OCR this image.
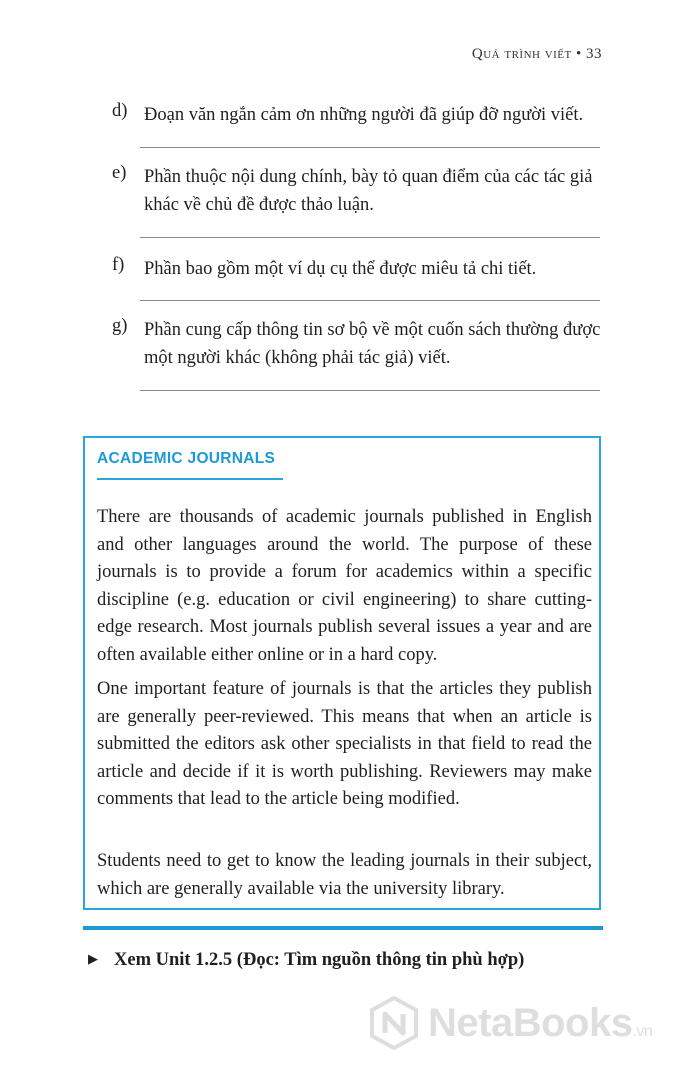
Quá trình viết • 33
d) Đoạn văn ngắn cảm ơn những người đã giúp đỡ người viết.
e) Phần thuộc nội dung chính, bày tỏ quan điểm của các tác giả khác về chủ đề được thảo luận.
f) Phần bao gồm một ví dụ cụ thể được miêu tả chi tiết.
g) Phần cung cấp thông tin sơ bộ về một cuốn sách thường được một người khác (không phải tác giả) viết.
ACADEMIC JOURNALS
There are thousands of academic journals published in English and other languages around the world. The purpose of these journals is to provide a forum for academics within a specific discipline (e.g. education or civil engineering) to share cutting-edge research. Most journals publish several issues a year and are often available either online or in a hard copy.
One important feature of journals is that the articles they publish are generally peer-reviewed. This means that when an article is submitted the editors ask other specialists in that field to read the article and decide if it is worth publishing. Reviewers may make comments that lead to the article being modified.
Students need to get to know the leading journals in their subject, which are generally available via the university library.
▶ Xem Unit 1.2.5 (Đọc: Tìm nguồn thông tin phù hợp)
NetaBooks.vn
